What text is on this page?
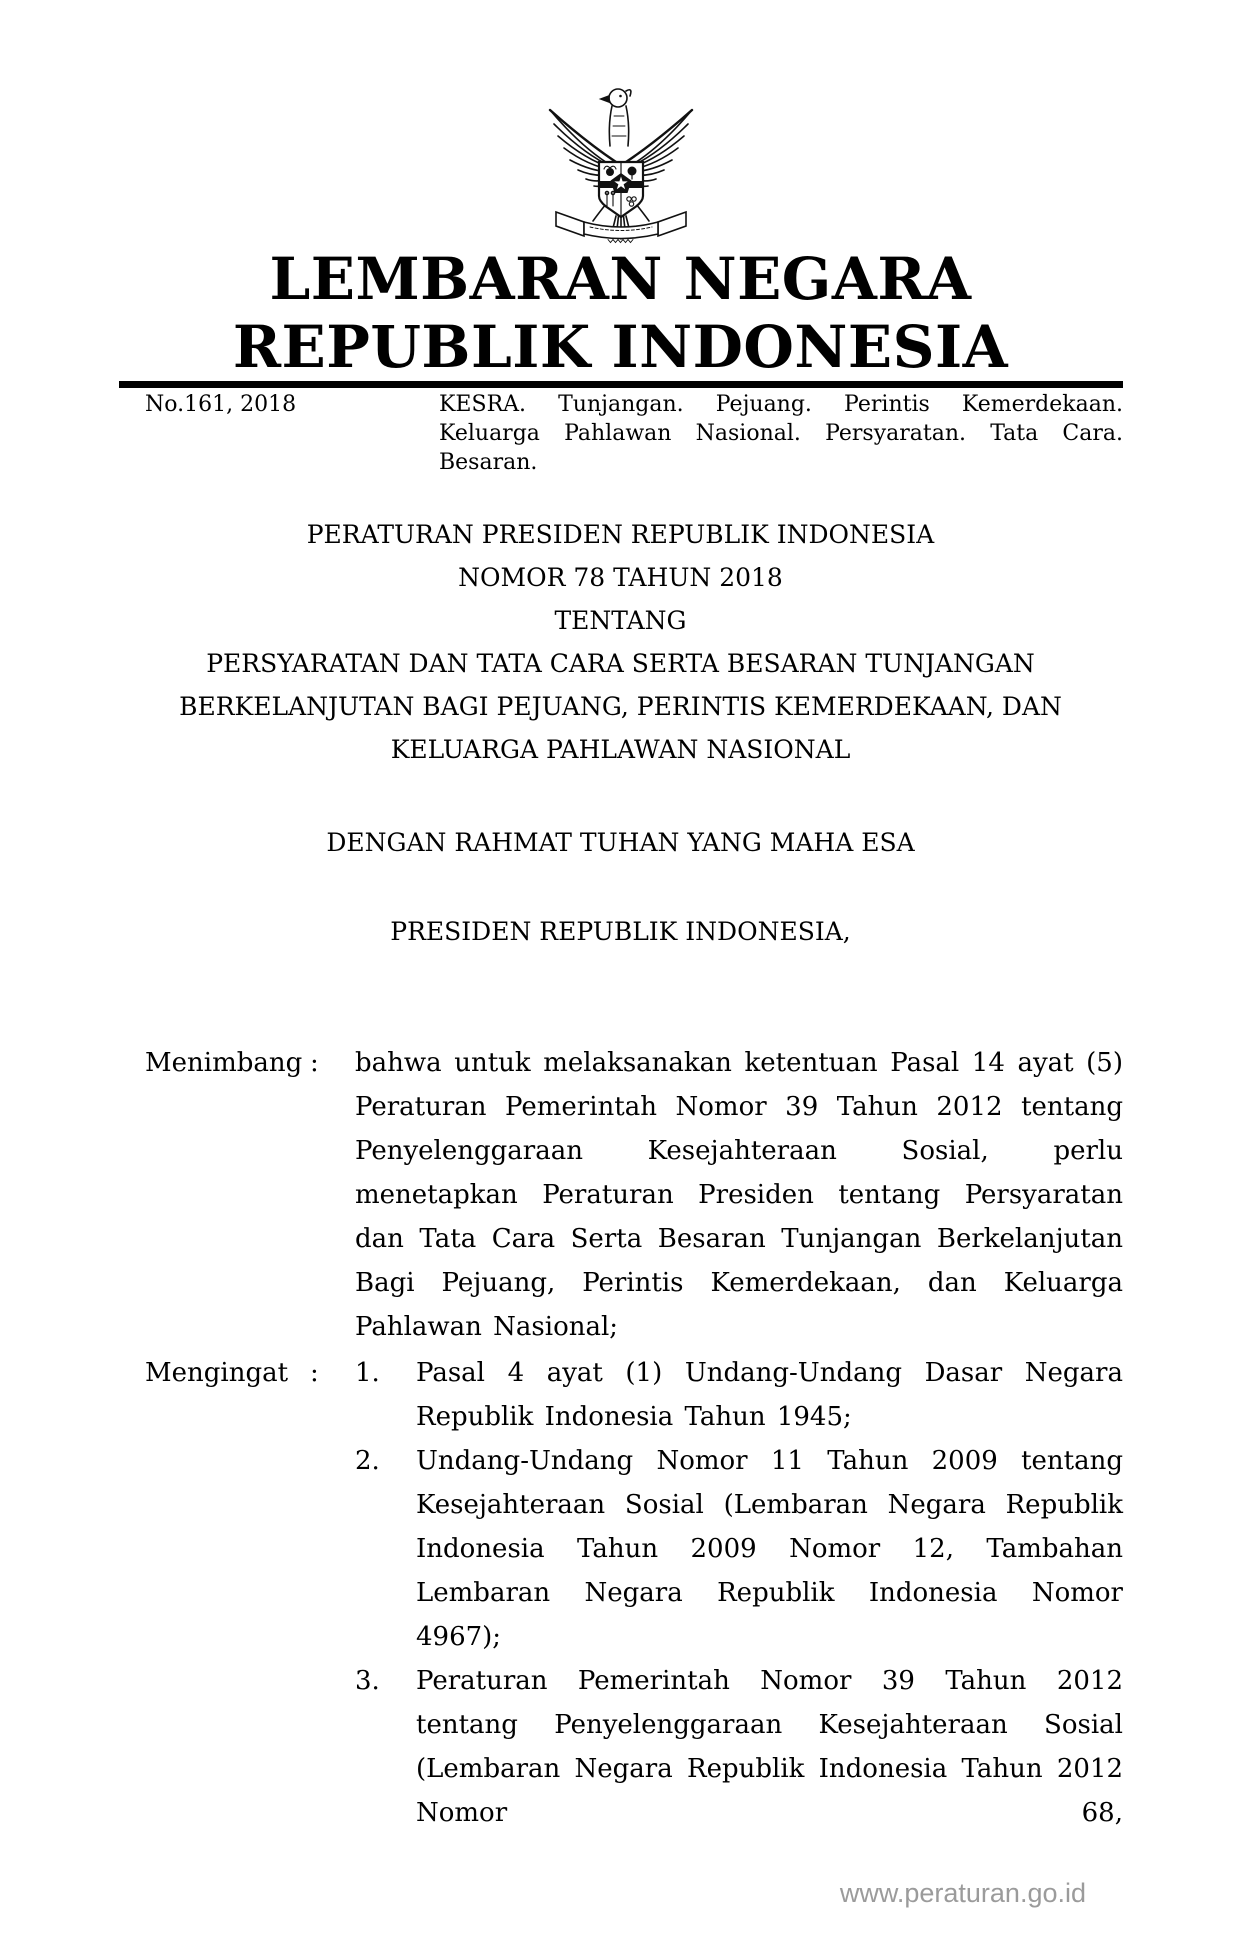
LEMBARAN NEGARA
REPUBLIK INDONESIA
No.161, 2018	KESRA. Tunjangan. Pejuang. Perintis Kemerdekaan. Keluarga Pahlawan Nasional. Persyaratan. Tata Cara. Besaran.
PERATURAN PRESIDEN REPUBLIK INDONESIA
NOMOR 78 TAHUN 2018
TENTANG
PERSYARATAN DAN TATA CARA SERTA BESARAN TUNJANGAN
BERKELANJUTAN BAGI PEJUANG, PERINTIS KEMERDEKAAN, DAN
KELUARGA PAHLAWAN NASIONAL
DENGAN RAHMAT TUHAN YANG MAHA ESA
PRESIDEN REPUBLIK INDONESIA,
Menimbang :	bahwa untuk melaksanakan ketentuan Pasal 14 ayat (5) Peraturan Pemerintah Nomor 39 Tahun 2012 tentang Penyelenggaraan Kesejahteraan Sosial, perlu menetapkan Peraturan Presiden tentang Persyaratan dan Tata Cara Serta Besaran Tunjangan Berkelanjutan Bagi Pejuang, Perintis Kemerdekaan, dan Keluarga Pahlawan Nasional;
Mengingat :	1.	Pasal 4 ayat (1) Undang-Undang Dasar Negara Republik Indonesia Tahun 1945;
2.	Undang-Undang Nomor 11 Tahun 2009 tentang Kesejahteraan Sosial (Lembaran Negara Republik Indonesia Tahun 2009 Nomor 12, Tambahan Lembaran Negara Republik Indonesia Nomor 4967);
3.	Peraturan Pemerintah Nomor 39 Tahun 2012 tentang Penyelenggaraan Kesejahteraan Sosial (Lembaran Negara Republik Indonesia Tahun 2012 Nomor 68,
www.peraturan.go.id
